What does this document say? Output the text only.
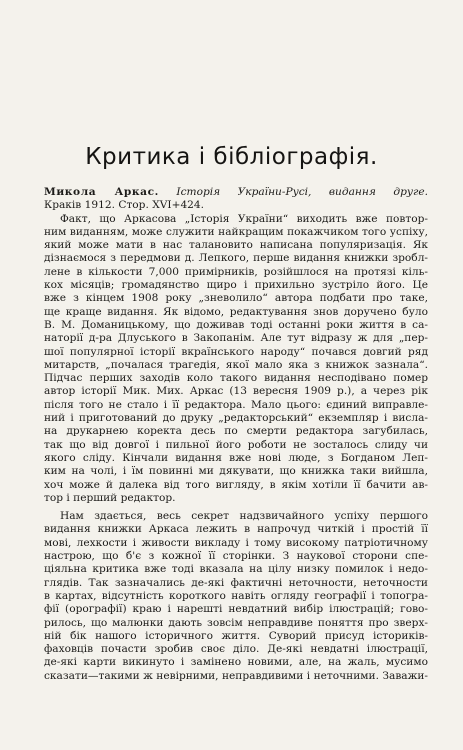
Критика і бібліографія.
Микола Аркас. Історія України-Русі, видання друге.
Краків 1912. Стор. XVI+424.
Факт, що Аркасова „Історія України“ виходить вже повтор-
ним виданням, може служити найкращим покажчиком того успіху,
який може мати в нас талановито написана популяризація. Як
дізнаємося з передмови д. Лепкого, перше видання книжки зробл-
лене в кількости 7,000 примірників, розійшлося на протязі кіль-
кох місяців; громадянство щиро і прихильно зустріло його. Це
вже з кінцем 1908 року „зневолило“ автора подбати про таке,
ще краще видання. Як відомо, редактування знов доручено було
В. М. Доманицькому, що доживав тоді останні роки життя в са-
наторії д-ра Длуського в Закопанім. Але тут відразу ж для „пер-
шої популярної історії вкраїнського народу“ почався довгий ряд
митарств, „почалася трагедія, якої мало яка з книжок зазнала“.
Підчас перших заходів коло такого видання несподівано помер
автор історії Мик. Мих. Аркас (13 вересня 1909 р.), а через рік
після того не стало і її редактора. Мало цього: єдиний виправле-
ний і приготований до друку „редакторський“ екземпляр і висла-
на друкарнею коректа десь по смерти редактора загубилась,
так що від довгої і пильної його роботи не зосталось слиду чи
якого сліду. Кінчали видання вже нові люде, з Богданом Леп-
ким на чолі, і їм повинні ми дякувати, що книжка таки вийшла,
хоч може й далека від того вигляду, в якім хотіли її бачити ав-
тор і перший редактор.
Нам здається, весь секрет надзвичайного успіху першого
видання книжки Аркаса лежить в напрочуд читкій і простій її
мові, лехкости і живости викладу і тому високому патріотичному
настрою, що б'є з кожної її сторінки. З наукової сторони спе-
ціяльна критика вже тоді вказала на цілу низку помилок і недо-
глядів. Так зазначались де-які фактичні неточности, неточности
в картах, відсутність короткого навіть огляду географії і топогра-
фії (орографії) краю і нарешті невдатний вибір ілюстрацій; гово-
рилось, що малюнки дають зовсім неправдиве поняття про зверх-
ній бік нашого історичного життя. Суворий присуд істориків-
фаховців почасти зробив своє діло. Де-які невдатні ілюстрації,
де-які карти викинуто і замінено новими, але, на жаль, мусимо
сказати—такими ж невірними, неправдивими і неточними. Заважи-
